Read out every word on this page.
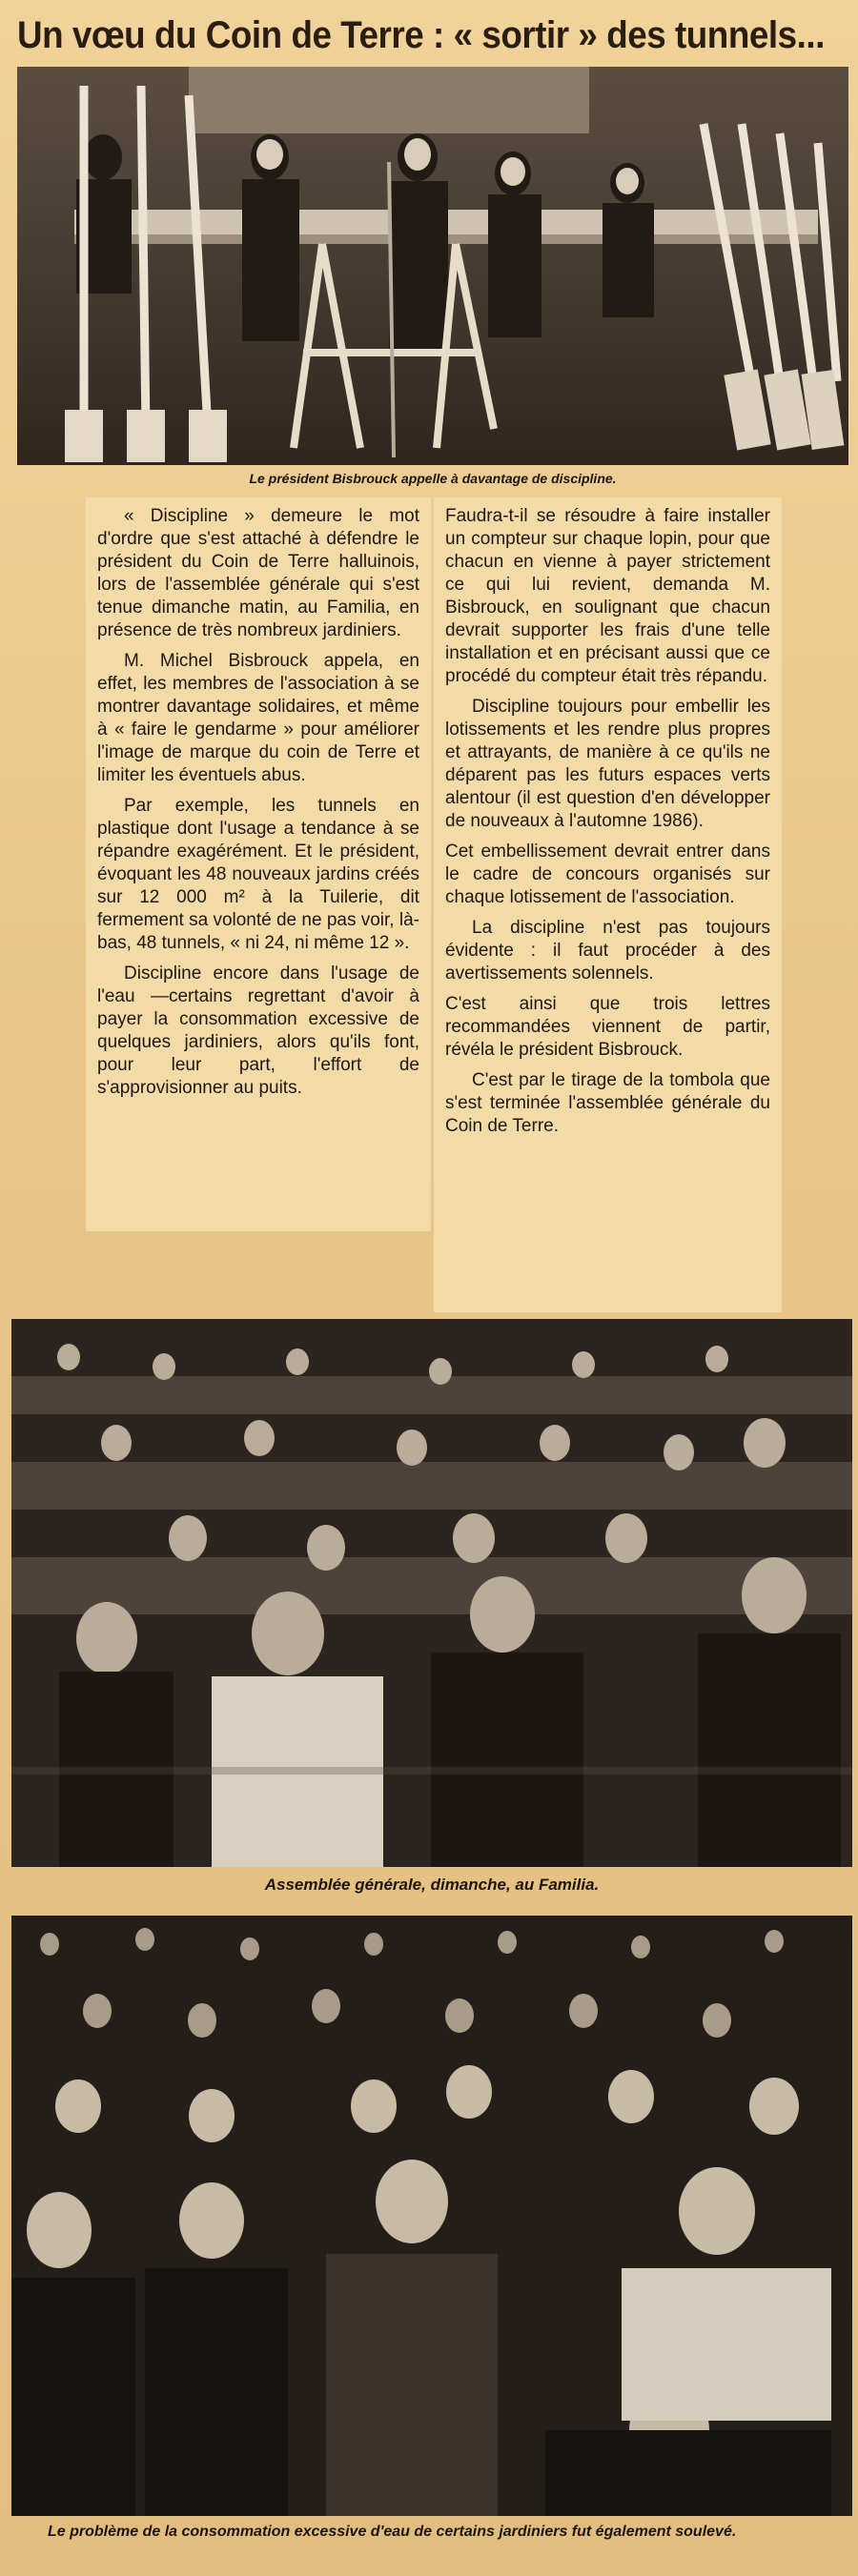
Un vœu du Coin de Terre : « sortir » des tunnels...
Le président Bisbrouck appelle à davantage de discipline.

« Discipline » demeure le mot d'ordre que s'est attaché à défendre le président du Coin de Terre halluinois, lors de l'assemblée générale qui s'est tenue dimanche matin, au Familia, en présence de très nombreux jardiniers.

M. Michel Bisbrouck appela, en effet, les membres de l'association à se montrer davantage solidaires, et même à « faire le gendarme » pour améliorer l'image de marque du coin de Terre et limiter les éventuels abus.

Par exemple, les tunnels en plastique dont l'usage a tendance à se répandre exagérément. Et le président, évoquant les 48 nouveaux jardins créés sur 12 000 m² à la Tuilerie, dit fermement sa volonté de ne pas voir, là-bas, 48 tunnels, « ni 24, ni même 12 ».

Discipline encore dans l'usage de l'eau —certains regrettant d'avoir à payer la consommation excessive de quelques jardiniers, alors qu'ils font, pour leur part, l'effort de s'approvisionner au puits.

Faudra-t-il se résoudre à faire installer un compteur sur chaque lopin, pour que chacun en vienne à payer strictement ce qui lui revient, demanda M. Bisbrouck, en soulignant que chacun devrait supporter les frais d'une telle installation et en précisant aussi que ce procédé du compteur était très répandu.

Discipline toujours pour embellir les lotissements et les rendre plus propres et attrayants, de manière à ce qu'ils ne déparent pas les futurs espaces verts alentour (il est question d'en développer de nouveaux à l'automne 1986).

Cet embellissement devrait entrer dans le cadre de concours organisés sur chaque lotissement de l'association.

La discipline n'est pas toujours évidente : il faut procéder à des avertissements solennels.

C'est ainsi que trois lettres recommandées viennent de partir, révéla le président Bisbrouck.

C'est par le tirage de la tombola que s'est terminée l'assemblée générale du Coin de Terre.

Assemblée générale, dimanche, au Familia.
Le problème de la consommation excessive d'eau de certains jardiniers fut également soulevé.
